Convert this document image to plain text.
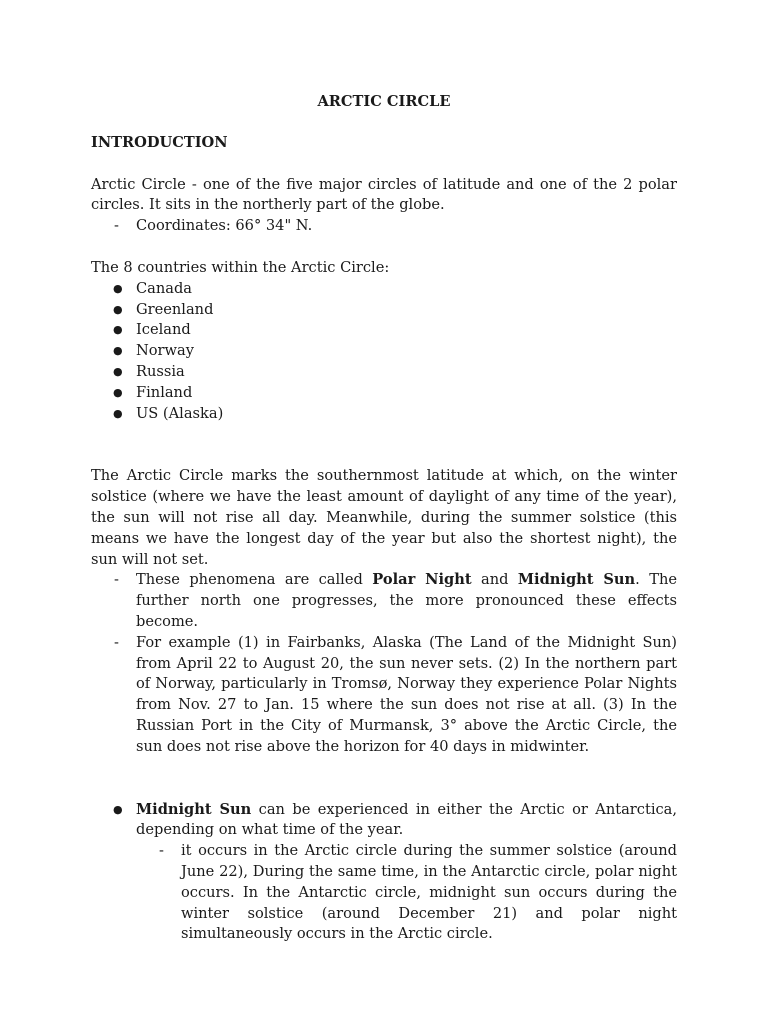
ARCTIC CIRCLE

INTRODUCTION

Arctic Circle - one of the five major circles of latitude and one of the 2 polar circles. It sits in the northerly part of the globe.

- Coordinates: 66° 34" N.

The 8 countries within the Arctic Circle:

● Canada
● Greenland
● Iceland
● Norway
● Russia
● Finland
● US (Alaska)

The Arctic Circle marks the southernmost latitude at which, on the winter solstice (where we have the least amount of daylight of any time of the year), the sun will not rise all day. Meanwhile, during the summer solstice (this means we have the longest day of the year but also the shortest night), the sun will not set.

- These phenomena are called Polar Night and Midnight Sun. The further north one progresses, the more pronounced these effects become.
- For example (1) in Fairbanks, Alaska (The Land of the Midnight Sun) from April 22 to August 20, the sun never sets. (2) In the northern part of Norway, particularly in Tromsø, Norway they experience Polar Nights from Nov. 27 to Jan. 15 where the sun does not rise at all. (3) In the Russian Port in the City of Murmansk, 3° above the Arctic Circle, the sun does not rise above the horizon for 40 days in midwinter.
● Midnight Sun can be experienced in either the Arctic or Antarctica, depending on what time of the year.
- it occurs in the Arctic circle during the summer solstice (around June 22), During the same time, in the Antarctic circle, polar night occurs. In the Antarctic circle, midnight sun occurs during the winter solstice (around December 21) and polar night simultaneously occurs in the Arctic circle.
